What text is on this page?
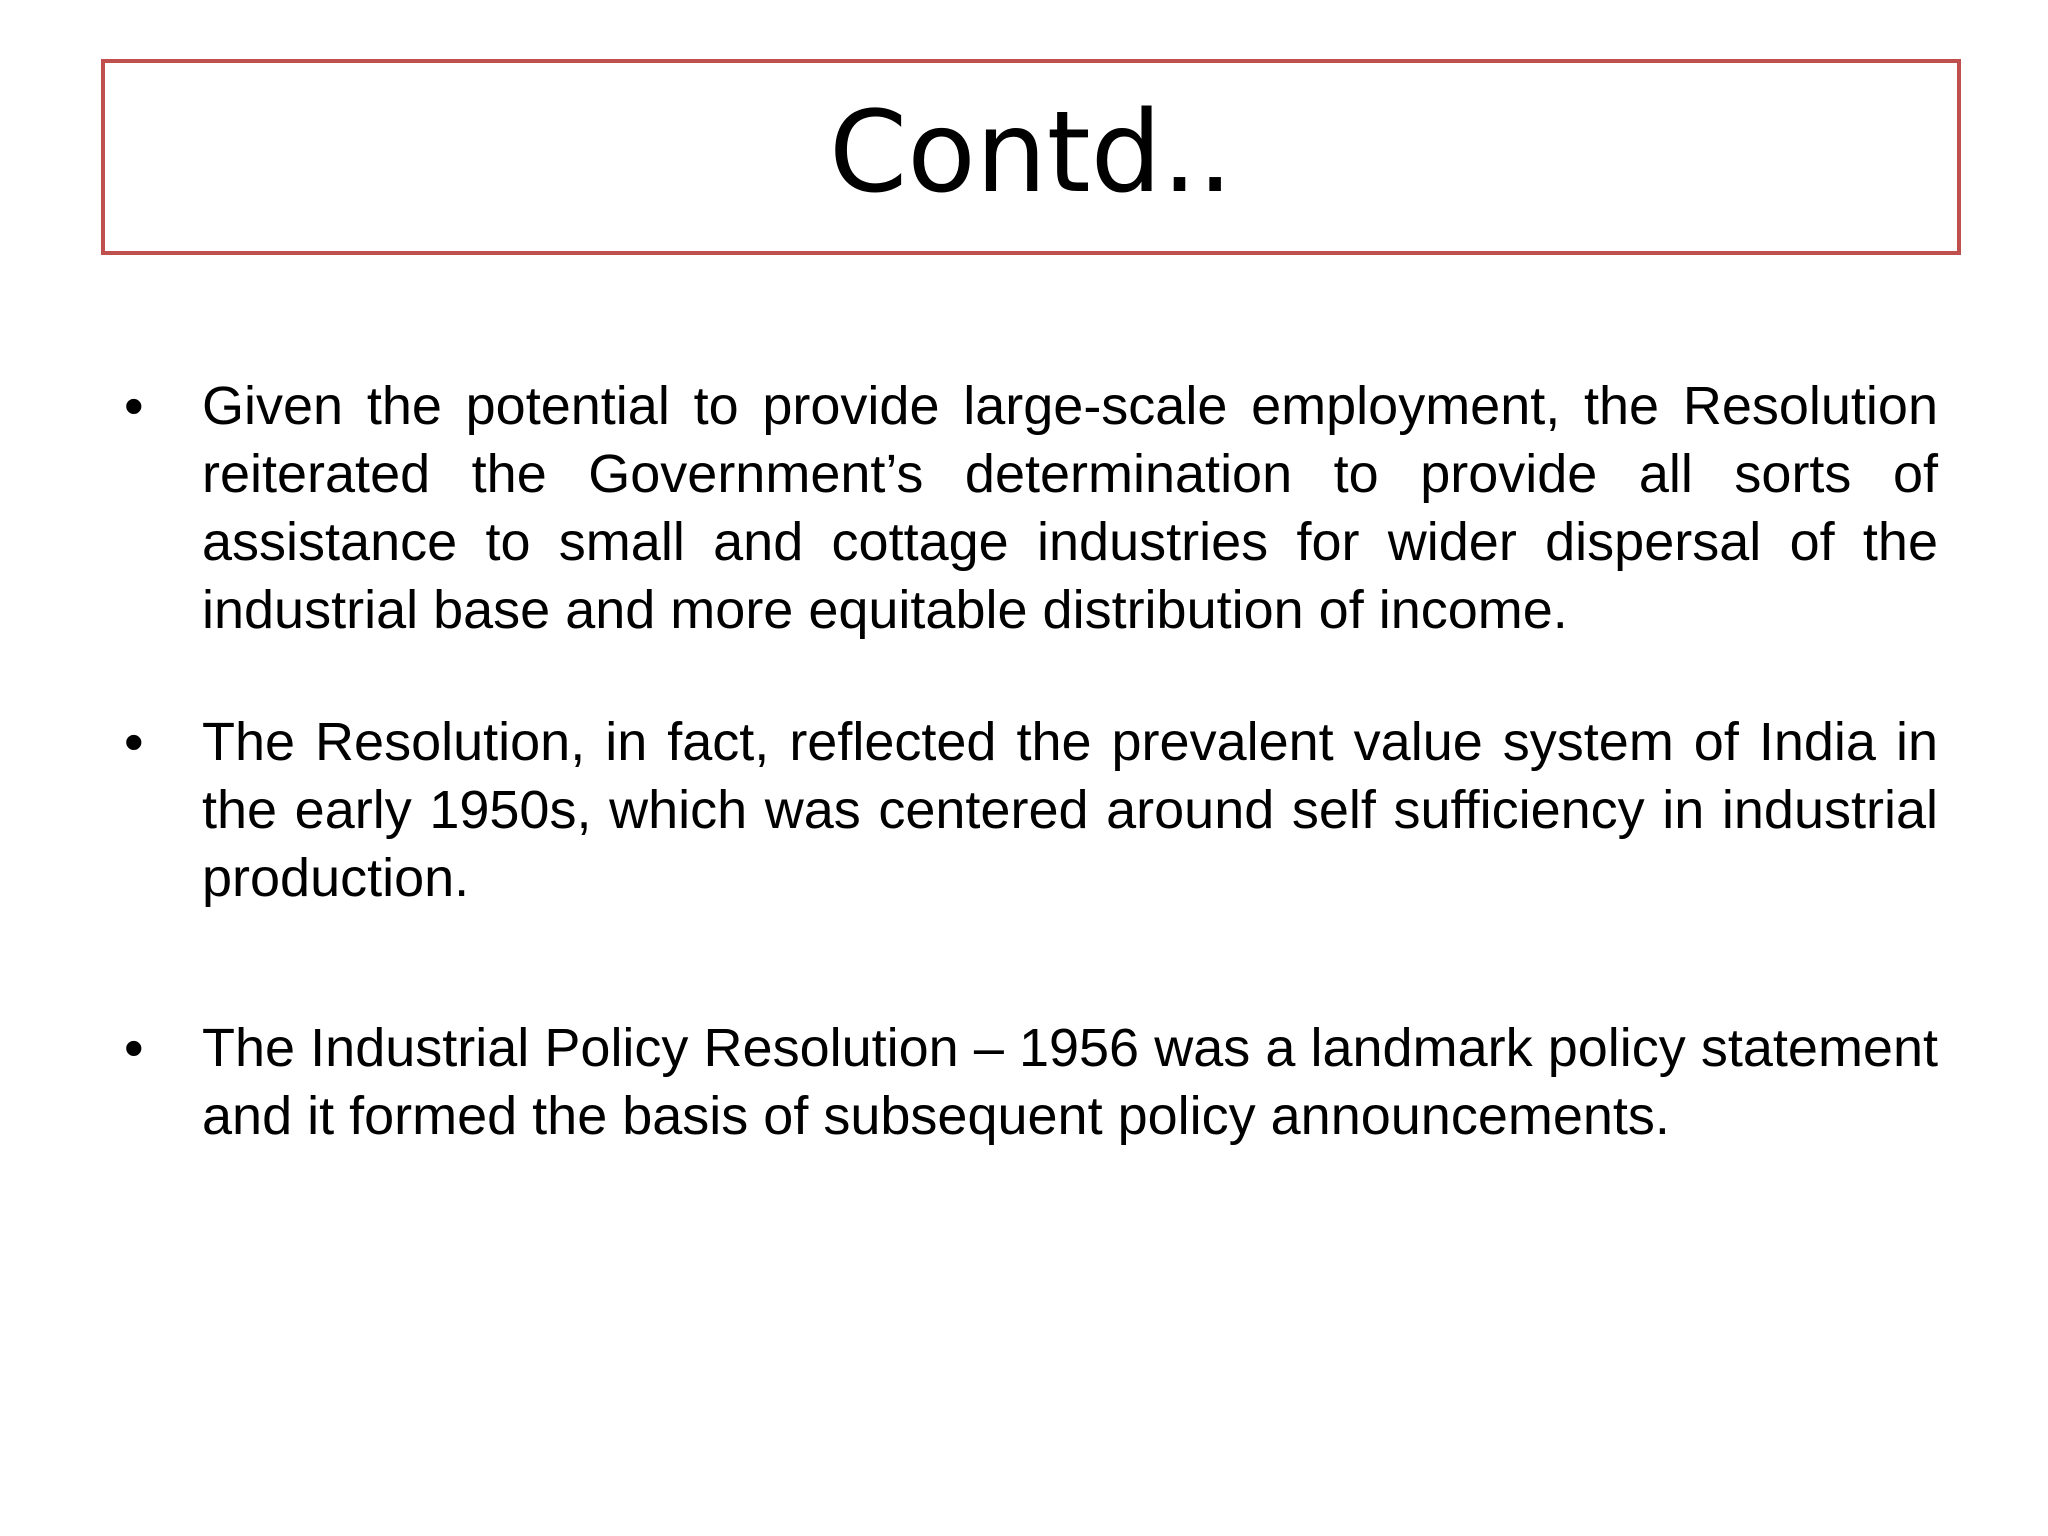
Contd..
• Given the potential to provide large-scale employment, the Resolution reiterated the Government’s determination to provide all sorts of assistance to small and cottage industries for wider dispersal of the industrial base and more equitable distribution of income.

• The Resolution, in fact, reflected the prevalent value system of India in the early 1950s, which was centered around self sufficiency in industrial production.

• The Industrial Policy Resolution – 1956 was a landmark policy statement and it formed the basis of subsequent policy announcements.
